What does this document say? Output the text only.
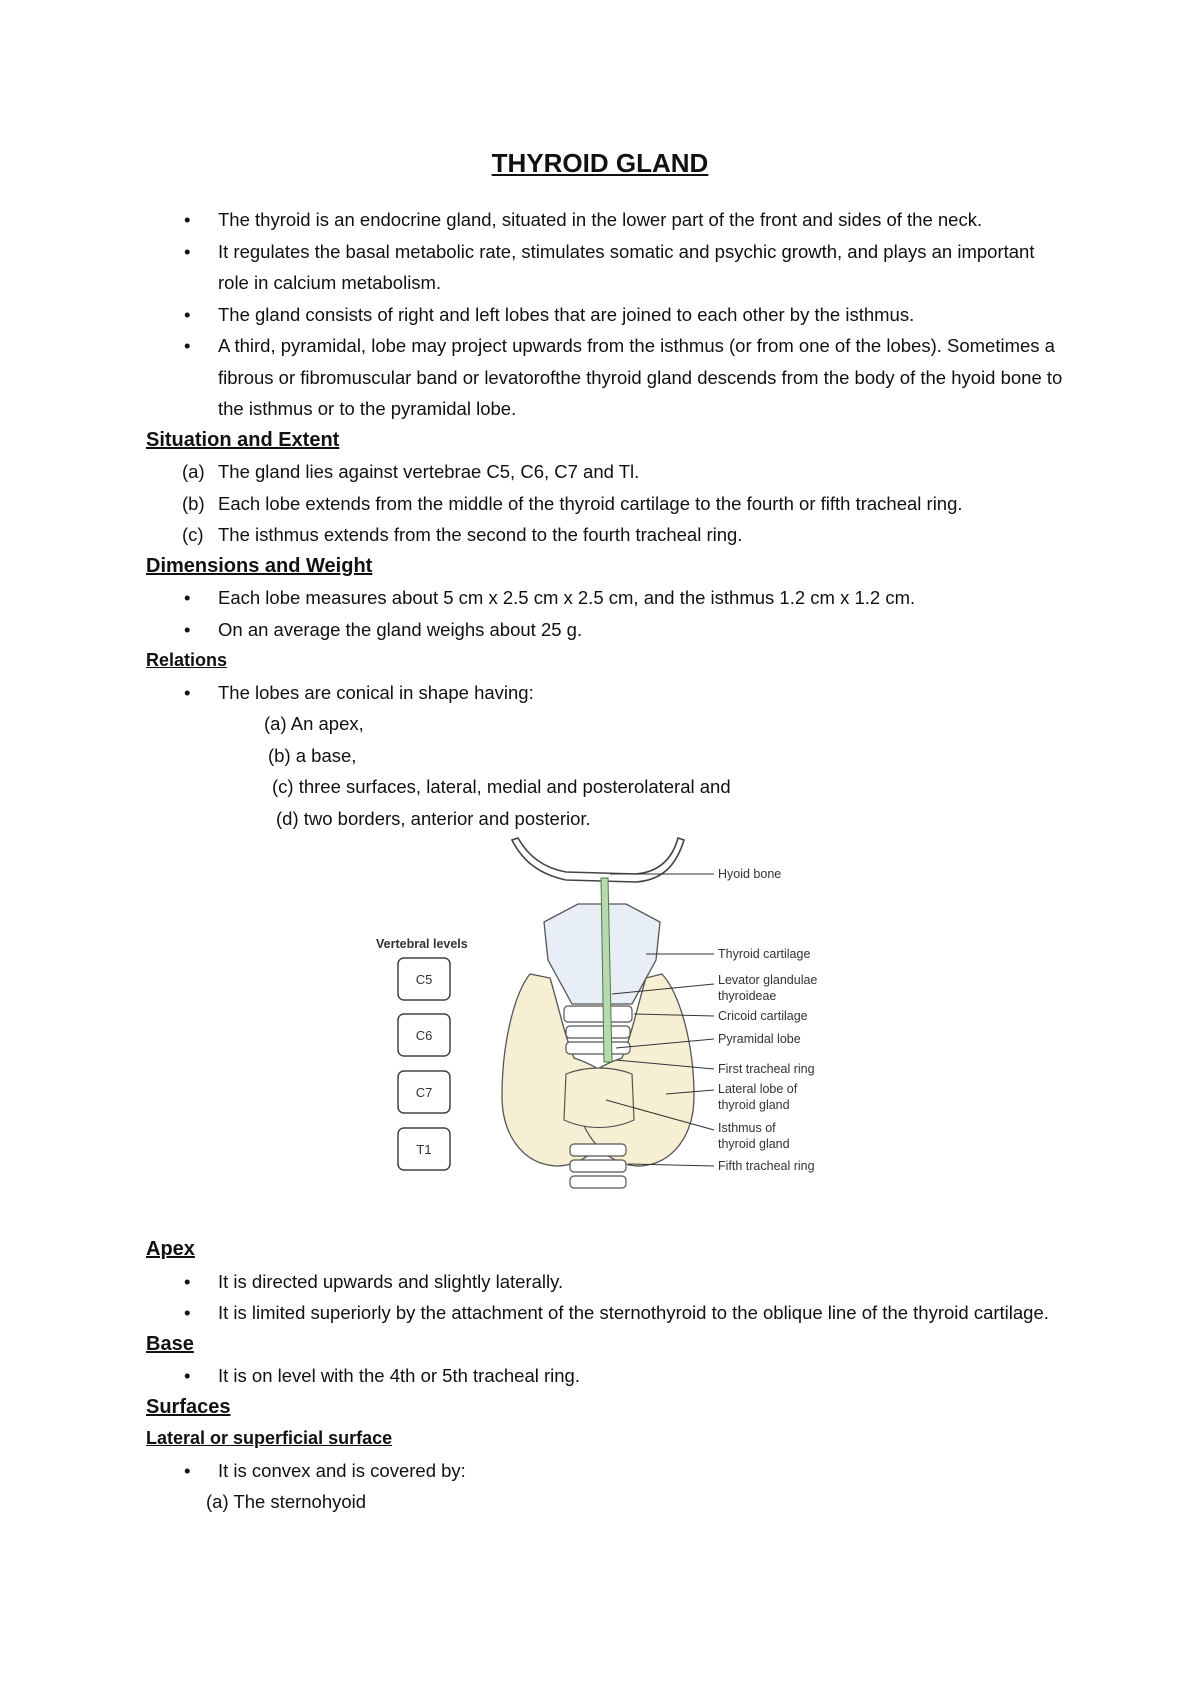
THYROID GLAND
• The thyroid is an endocrine gland, situated in the lower part of the front and sides of the neck.
• It regulates the basal metabolic rate, stimulates somatic and psychic growth, and plays an important role in calcium metabolism.
• The gland consists of right and left lobes that are joined to each other by the isthmus.
• A third, pyramidal, lobe may project upwards from the isthmus (or from one of the lobes). Sometimes a fibrous or fibromuscular band or levatorofthe thyroid gland descends from the body of the hyoid bone to the isthmus or to the pyramidal lobe.
Situation and Extent
(a) The gland lies against vertebrae C5, C6, C7 and Tl.
(b) Each lobe extends from the middle of the thyroid cartilage to the fourth or fifth tracheal ring.
(c) The isthmus extends from the second to the fourth tracheal ring.
Dimensions and Weight
• Each lobe measures about 5 cm x 2.5 cm x 2.5 cm, and the isthmus 1.2 cm x 1.2 cm.
• On an average the gland weighs about 25 g.
Relations
• The lobes are conical in shape having:
(a) An apex,
(b) a base,
(c) three surfaces, lateral, medial and posterolateral and
(d) two borders, anterior and posterior.
Vertebral levels
C5
C6
C7
T1
Hyoid bone
Thyroid cartilage
Levator glandulae
thyroideae
Cricoid cartilage
Pyramidal lobe
First tracheal ring
Lateral lobe of
thyroid gland
Isthmus of
thyroid gland
Fifth tracheal ring
Apex
• It is directed upwards and slightly laterally.
• It is limited superiorly by the attachment of the sternothyroid to the oblique line of the thyroid cartilage.
Base
• It is on level with the 4th or 5th tracheal ring.
Surfaces
Lateral or superficial surface
• It is convex and is covered by:
(a) The sternohyoid
